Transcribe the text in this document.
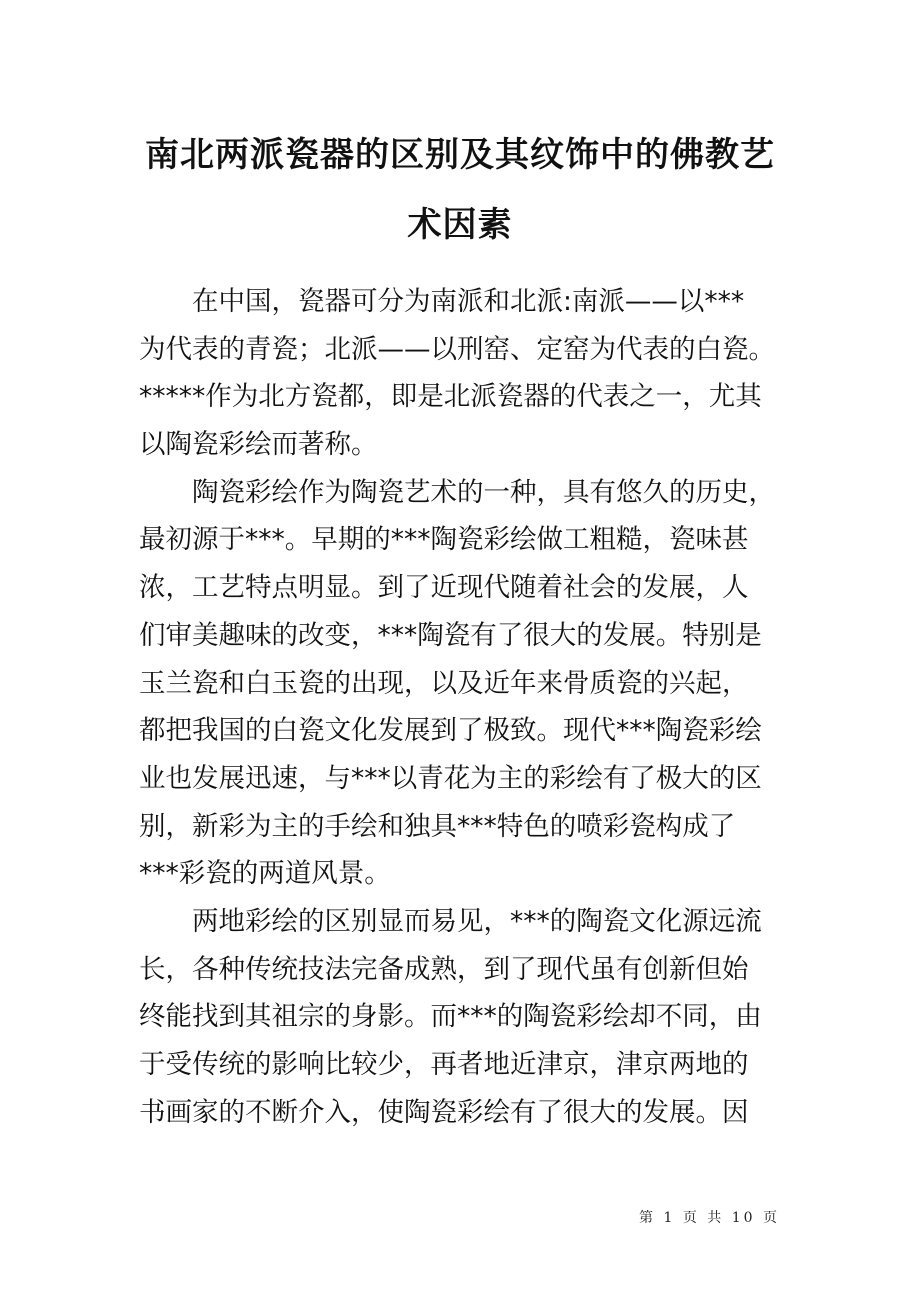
南北两派瓷器的区别及其纹饰中的佛教艺
术因素
在中国，瓷器可分为南派和北派:南派——以***
为代表的青瓷；北派——以刑窑、定窑为代表的白瓷。
*****作为北方瓷都，即是北派瓷器的代表之一，尤其
以陶瓷彩绘而著称。
陶瓷彩绘作为陶瓷艺术的一种，具有悠久的历史，
最初源于***。早期的***陶瓷彩绘做工粗糙，瓷味甚
浓，工艺特点明显。到了近现代随着社会的发展，人
们审美趣味的改变，***陶瓷有了很大的发展。特别是
玉兰瓷和白玉瓷的出现，以及近年来骨质瓷的兴起，
都把我国的白瓷文化发展到了极致。现代***陶瓷彩绘
业也发展迅速，与***以青花为主的彩绘有了极大的区
别，新彩为主的手绘和独具***特色的喷彩瓷构成了
***彩瓷的两道风景。
两地彩绘的区别显而易见，***的陶瓷文化源远流
长，各种传统技法完备成熟，到了现代虽有创新但始
终能找到其祖宗的身影。而***的陶瓷彩绘却不同，由
于受传统的影响比较少，再者地近津京，津京两地的
书画家的不断介入，使陶瓷彩绘有了很大的发展。因
第 1 页 共 10 页
